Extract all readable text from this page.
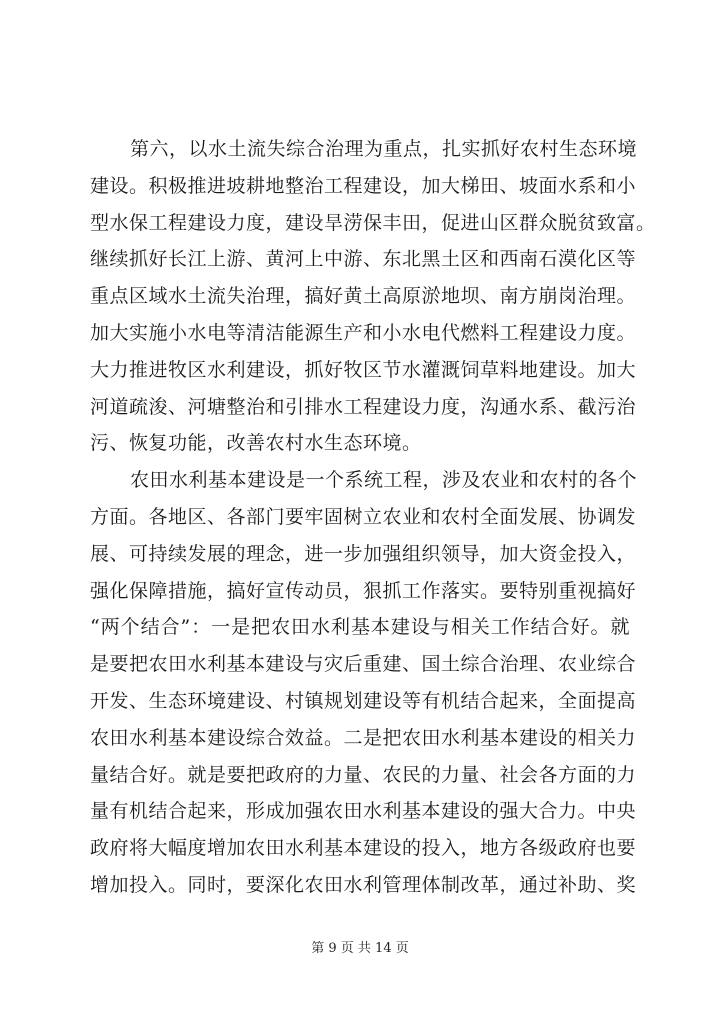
第六，以水土流失综合治理为重点，扎实抓好农村生态环境
建设。积极推进坡耕地整治工程建设，加大梯田、坡面水系和小
型水保工程建设力度，建设旱涝保丰田，促进山区群众脱贫致富。
继续抓好长江上游、黄河上中游、东北黑土区和西南石漠化区等
重点区域水土流失治理，搞好黄土高原淤地坝、南方崩岗治理。
加大实施小水电等清洁能源生产和小水电代燃料工程建设力度。
大力推进牧区水利建设，抓好牧区节水灌溉饲草料地建设。加大
河道疏浚、河塘整治和引排水工程建设力度，沟通水系、截污治
污、恢复功能，改善农村水生态环境。
农田水利基本建设是一个系统工程，涉及农业和农村的各个
方面。各地区、各部门要牢固树立农业和农村全面发展、协调发
展、可持续发展的理念，进一步加强组织领导，加大资金投入，
强化保障措施，搞好宣传动员，狠抓工作落实。要特别重视搞好
“两个结合”：一是把农田水利基本建设与相关工作结合好。就
是要把农田水利基本建设与灾后重建、国土综合治理、农业综合
开发、生态环境建设、村镇规划建设等有机结合起来，全面提高
农田水利基本建设综合效益。二是把农田水利基本建设的相关力
量结合好。就是要把政府的力量、农民的力量、社会各方面的力
量有机结合起来，形成加强农田水利基本建设的强大合力。中央
政府将大幅度增加农田水利基本建设的投入，地方各级政府也要
增加投入。同时，要深化农田水利管理体制改革，通过补助、奖
第 9 页 共 14 页
